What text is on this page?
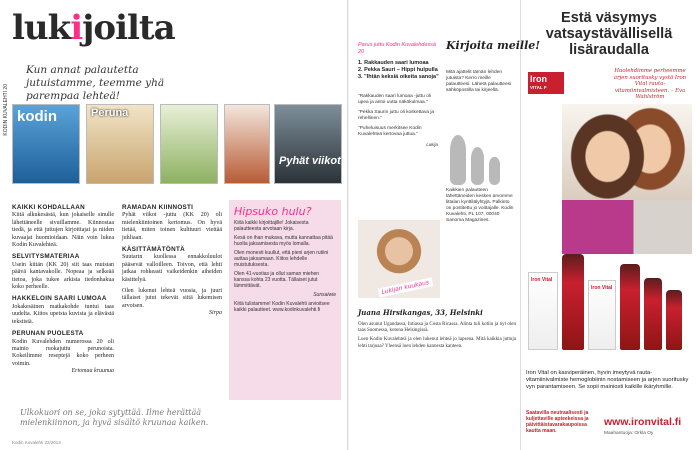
lukijoilta
Kun annat palautetta jutuistamme, teemme yhä parempaa lehteä!
kodin	Peruna
Pyhät viikot
KODIN KUVALEHTI 20
KAIKKI KOHDALLAAN
Kiitä alkukesästä, kun jokaiselle sinulle lähettäneelle sivuillamme. Kiinnostaa tiedä, ja että juttujen kirjoittajat ja niiden kuvaajat huomioidaan. Näin voin lukea Kodin Kuvalehteä.
SELVITYSMATERIAA
Usein kiitän (KK 20) siit taas muistan päävä kantavakolle. Nopeaa ja selkeää tietoa, joka tukee arkista tiedonhakua koko perheelle.
HAKKELOIN SAARI LUMOAA
Jokakesäinen matkakohde tuntui taas uudelta. Kiitos upeista kuvista ja elävästä tekstistä.
PERUNAN PUOLESTA
Kodin Kuvalehden numerossa 20 oli mainio ruokajuttu perunoista. Kokeilimme reseptejä koko perheen voimin.
Ertomaa kruunua
RAMADAN KIINNOSTI
Pyhät viikot -juttu (KK 20) oli mielenkiintoinen kertomus. On hyvä tietää, miten toinen kulttuuri viettää juhliaan.
KÄSITTÄMÄTÖNTÄ
Suutarin kuollessa ennakkoluulot pääsevät valloilleen. Toivon, että lehti jatkaa rohkeasti vaikeidenkin aiheiden käsittelyä.
Olen lukenut lehteä vuosia, ja juuri tällaiset jutut tekevät siitä lukemisen arvoisen.
Sirpa
Hipsuko hulu?
Kiitä kaikki kirjoittajille! Jokaisesta palautteesta arvotaan kirja.
Kesä on ihan mukava, mutta kannattaa pitää huolta jaksamisesta myös lomalla.
Olen monesti kuullut, että pieni arjen rutiini auttaa jaksamaan. Kiitos lehdelle muistutuksesta.
Olen 41-vuotias ja ollut saman miehen kanssa kohta 23 vuotta. Tällaiset jutut lämmittävät.
Sunsaiwie
Kiitä tulistamme! Kodin Kuvalehti arvioitsee kaikki palautteet. www.kodinkuvalehti.fi
Ulkokuori on se, joka sytyttää. Ilme herättää mielenkiinnon, ja hyvä sisältö kruunaa kaiken.
Kodin Kuvalehti 22/2013
Parus juttu Kodin Kuvalehdessä 20
1. Rakkauden saari lumoaa
2. Pekka Sauri – Hippi hulpulla
3. "Ihtän keksiä oikeita sanoja"

"Rakkauden saari lumoaa -juttu oli upea ja antoi uutta näkökulmaa."

"Pekka Saurin juttu oli koskettava ja rehellinen."

"Puheluisuus merkitsee Kodin Kuvalehteä kertovaa juttua."

Lukija

Kirjoita meille!
Mitä ajattelit tämän lehden jutuista? Kerro meille palautteesi. Lähetä palautteesi sähköpostilla tai kirjeellä.
Kaikkien palautteen lähettäneiden kesken arvomme littalan kynttilälyhtyjä. Palkinto on postitettu jo voittajalle. Kodin Kuvalehti, PL 107, 00040 Sanoma Magazines.
Lukijan kuukaus
Juana Hirsikangas, 33, Helsinki

Olen asunut Ugandassa, Intiassa ja Costa Ricassa. Alinta tuli kotiin ja nyt olen taas Suomessa, kotona Helsingissä.

Luen Kodin Kuvalehteä ja olen lukenut lehteä jo lapsena. Mitä kaikkia juttuja lehti tarjoaa? Yleensä luen lehden kannesta kanteen.

Estä väsymys vatsaystävällisellä lisäraudalla
Iron
VITAL F
Huolehdimme perheemme arjen suoritusky vystä Iron Vital rauta-vitamiinivalmisteen. – Eva Wahlström
Iron Vital
Iron Vital
Iron Vital on kasviperäinen, hyvin imeytyvä rauta-vitamiinivalmiste hemoglobiinin nostamiseen ja arjen suoritusky vyn parantamiseen. Se sopii mainiosti kaikille ikäryhmille.
Saatavilla neutraalisesti ja kuljettaville apteekeissa ja päivittäistavarakaupoissa kautta maan.
www.ironvital.fi
Maahantuoja: Orkla Oy
